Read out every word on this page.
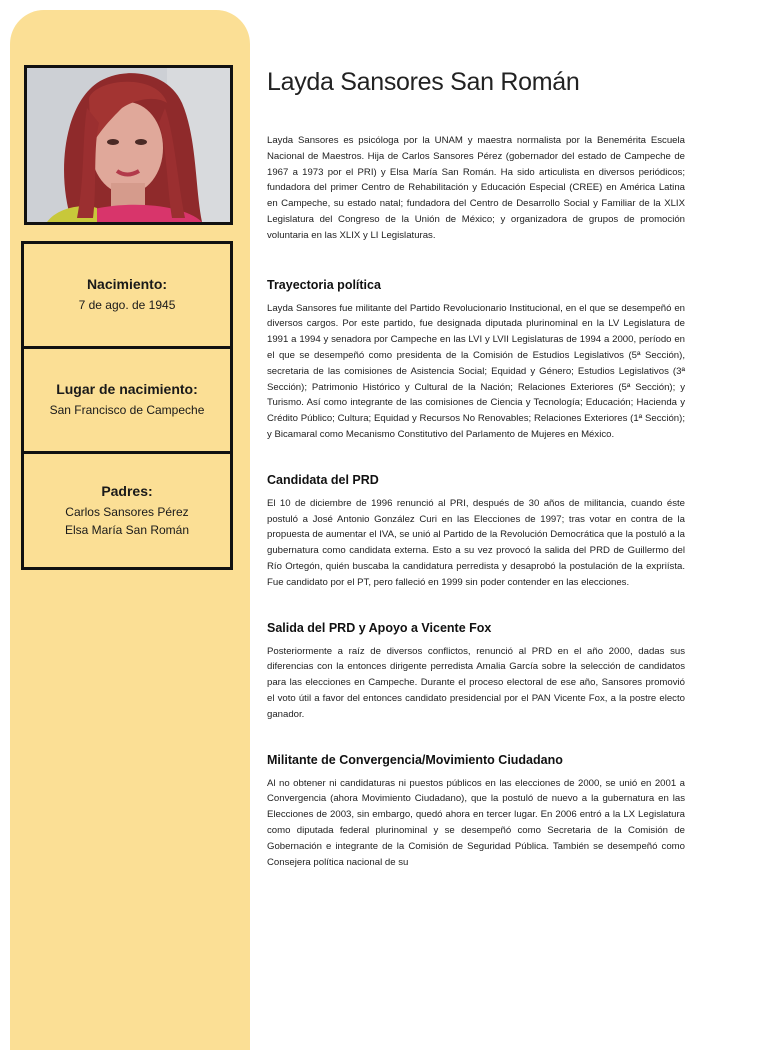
Nacimiento:
7 de ago. de 1945
Lugar de nacimiento:
San Francisco de Campeche
Padres:
Carlos Sansores Pérez
Elsa María San Román
Layda Sansores San Román

Layda Sansores es psicóloga por la UNAM y maestra normalista por la Benemérita Escuela Nacional de Maestros. Hija de Carlos Sansores Pérez (gobernador del estado de Campeche de 1967 a 1973 por el PRI) y Elsa María San Román. Ha sido articulista en diversos periódicos; fundadora del primer Centro de Rehabilitación y Educación Especial (CREE) en América Latina en Campeche, su estado natal; fundadora del Centro de Desarrollo Social y Familiar de la XLIX Legislatura del Congreso de la Unión de México; y organizadora de grupos de promoción voluntaria en las XLIX y LI Legislaturas.

Trayectoria política

Layda Sansores fue militante del Partido Revolucionario Institucional, en el que se desempeñó en diversos cargos. Por este partido, fue designada diputada plurinominal en la LV Legislatura de 1991 a 1994 y senadora por Campeche en las LVI y LVII Legislaturas de 1994 a 2000, período en el que se desempeñó como presidenta de la Comisión de Estudios Legislativos (5ª Sección), secretaria de las comisiones de Asistencia Social; Equidad y Género; Estudios Legislativos (3ª Sección); Patrimonio Histórico y Cultural de la Nación; Relaciones Exteriores (5ª Sección); y Turismo. Así como integrante de las comisiones de Ciencia y Tecnología; Educación; Hacienda y Crédito Público; Cultura; Equidad y Recursos No Renovables; Relaciones Exteriores (1ª Sección); y Bicamaral como Mecanismo Constitutivo del Parlamento de Mujeres en México.

Candidata del PRD

El 10 de diciembre de 1996 renunció al PRI, después de 30 años de militancia, cuando éste postuló a José Antonio González Curi en las Elecciones de 1997; tras votar en contra de la propuesta de aumentar el IVA, se unió al Partido de la Revolución Democrática que la postuló a la gubernatura como candidata externa. Esto a su vez provocó la salida del PRD de Guillermo del Río Ortegón, quién buscaba la candidatura perredista y desaprobó la postulación de la expriísta. Fue candidato por el PT, pero falleció en 1999 sin poder contender en las elecciones.

Salida del PRD y Apoyo a Vicente Fox

Posteriormente a raíz de diversos conflictos, renunció al PRD en el año 2000, dadas sus diferencias con la entonces dirigente perredista Amalia García sobre la selección de candidatos para las elecciones en Campeche. Durante el proceso electoral de ese año, Sansores promovió el voto útil a favor del entonces candidato presidencial por el PAN Vicente Fox, a la postre electo ganador.

Militante de Convergencia/Movimiento Ciudadano

Al no obtener ni candidaturas ni puestos públicos en las elecciones de 2000, se unió en 2001 a Convergencia (ahora Movimiento Ciudadano), que la postuló de nuevo a la gubernatura en las Elecciones de 2003, sin embargo, quedó ahora en tercer lugar. En 2006 entró a la LX Legislatura como diputada federal plurinominal y se desempeñó como Secretaria de la Comisión de Gobernación e integrante de la Comisión de Seguridad Pública. También se desempeñó como Consejera política nacional de su
